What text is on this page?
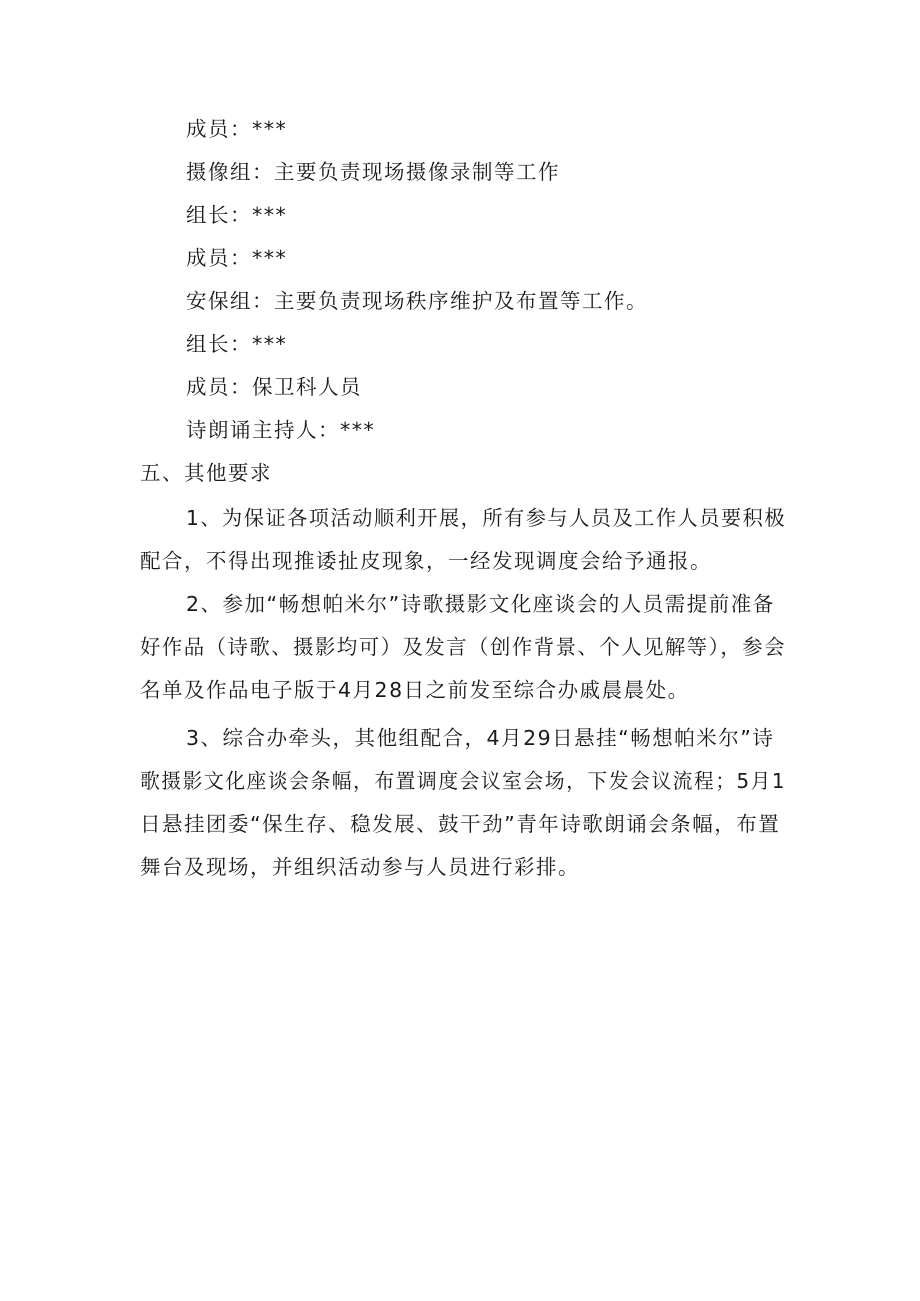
成员：***
摄像组：主要负责现场摄像录制等工作
组长：***
成员：***
安保组：主要负责现场秩序维护及布置等工作。
组长：***
成员：保卫科人员
诗朗诵主持人：***
五、其他要求
1、为保证各项活动顺利开展，所有参与人员及工作人员要积极
配合，不得出现推诿扯皮现象，一经发现调度会给予通报。
2、参加“畅想帕米尔”诗歌摄影文化座谈会的人员需提前准备
好作品（诗歌、摄影均可）及发言（创作背景、个人见解等），参会
名单及作品电子版于4月28日之前发至综合办戚晨晨处。
3、综合办牵头，其他组配合，4月29日悬挂“畅想帕米尔”诗
歌摄影文化座谈会条幅，布置调度会议室会场，下发会议流程；5月1
日悬挂团委“保生存、稳发展、鼓干劲”青年诗歌朗诵会条幅，布置
舞台及现场，并组织活动参与人员进行彩排。
